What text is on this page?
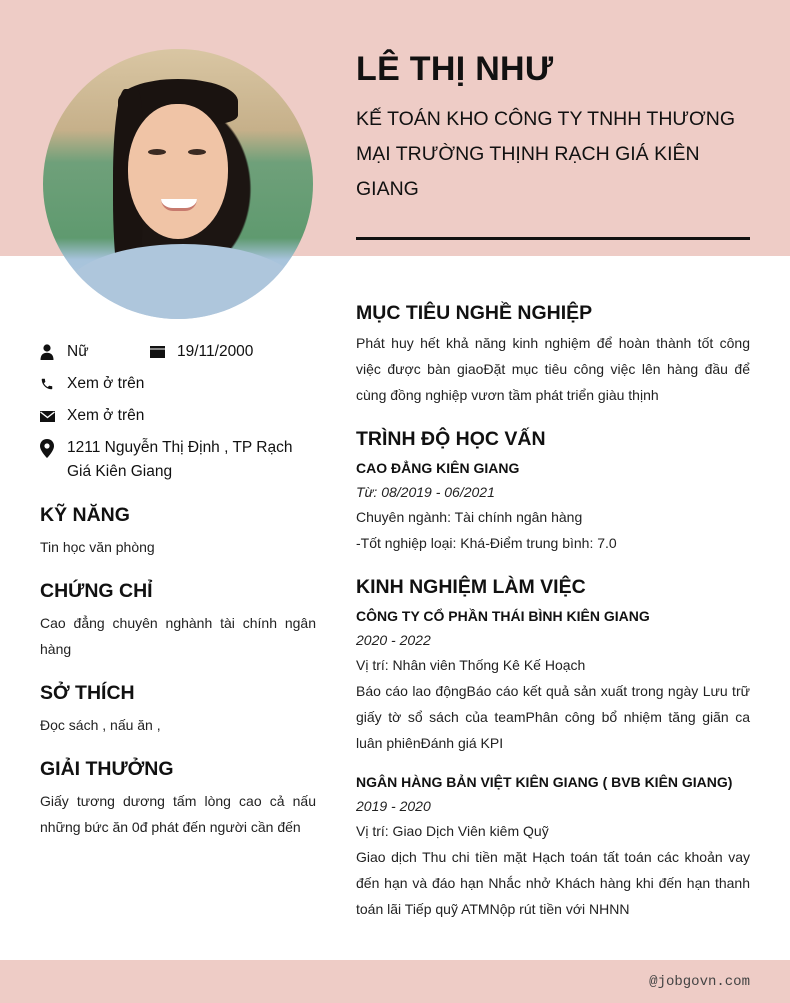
LÊ THỊ NHƯ
KẾ TOÁN KHO CÔNG TY TNHH THƯƠNG MẠI TRƯỜNG THỊNH RẠCH GIÁ KIÊN GIANG
Nữ	19/11/2000
Xem ở trên
Xem ở trên
1211 Nguyễn Thị Định , TP Rạch Giá Kiên Giang
KỸ NĂNG
Tin học văn phòng
CHỨNG CHỈ
Cao đẳng chuyên nghành tài chính ngân hàng
SỞ THÍCH
Đọc sách , nấu ăn ,
GIẢI THƯỞNG
Giấy tương dương tấm lòng cao cả nấu những bức ăn 0đ phát đến người cần đến
MỤC TIÊU NGHỀ NGHIỆP
Phát huy hết khả năng kinh nghiệm để hoàn thành tốt công việc được bàn giaoĐặt mục tiêu công việc lên hàng đầu để cùng đồng nghiệp vươn tầm phát triển giàu thịnh
TRÌNH ĐỘ HỌC VẤN
CAO ĐẲNG KIÊN GIANG
Từ: 08/2019 - 06/2021
Chuyên ngành: Tài chính ngân hàng
-Tốt nghiệp loại: Khá-Điểm trung bình: 7.0
KINH NGHIỆM LÀM VIỆC
CÔNG TY CỔ PHẦN THÁI BÌNH KIÊN GIANG
2020 - 2022
Vị trí: Nhân viên Thống Kê Kế Hoạch
Báo cáo lao độngBáo cáo kết quả sản xuất trong ngày Lưu trữ giấy tờ sổ sách của teamPhân công bổ nhiệm tăng giãn ca luân phiênĐánh giá KPI
NGÂN HÀNG BẢN VIỆT KIÊN GIANG ( BVB KIÊN GIANG)
2019 - 2020
Vị trí: Giao Dịch Viên kiêm Quỹ
Giao dịch Thu chi tiền mặt Hạch toán tất toán các khoản vay đến hạn và đáo hạn Nhắc nhở Khách hàng khi đến hạn thanh toán lãi Tiếp quỹ ATMNộp rút tiền với NHNN
@jobgovn.com
